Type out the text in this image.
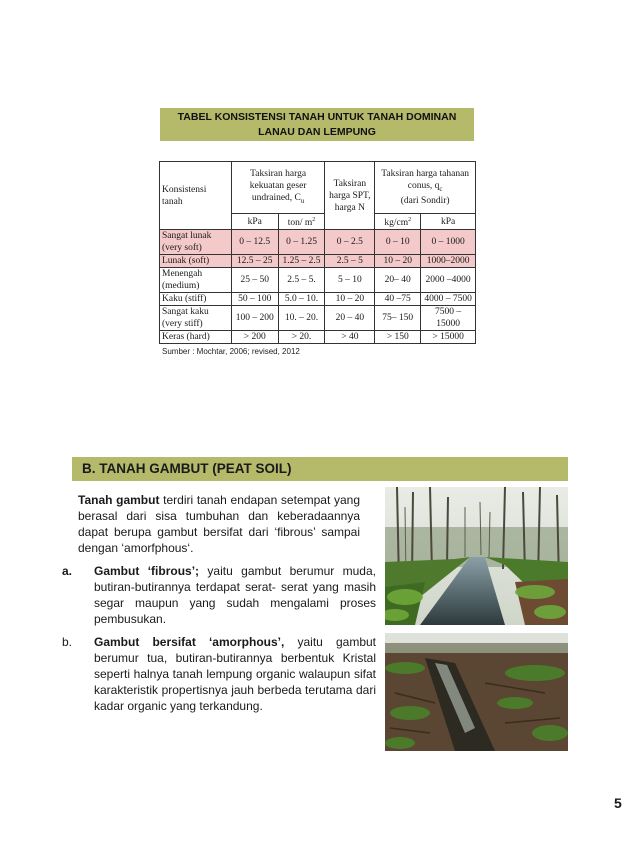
TABEL KONSISTENSI TANAH UNTUK TANAH DOMINAN
LANAU DAN LEMPUNG
Konsistensi tanah	Taksiran harga kekuatan geser undrained, $C_u$		Taksiran harga SPT, harga N	Taksiran harga tahanan conus, $q_c$
(dari Sondir)	
	kPa	ton/ $m^2$		$kg/cm^2$	kPa
Sangat lunak (very soft)	0 – 12.5	0 – 1.25	0 – 2.5	0 – 10	0 – 1000
Lunak (soft)	12.5 – 25	1.25 – 2.5	2.5 – 5	10 – 20	1000–2000
Menengah (medium)	25 – 50	2.5 – 5.	5 – 10	20– 40	2000 –4000
Kaku (stiff)	50 – 100	5.0 – 10.	10 – 20	40 –75	4000 – 7500
Sangat kaku (very stiff)	100 – 200	10. – 20.	20 – 40	75– 150	7500 – 15000
Keras (hard)	> 200	> 20.	> 40	> 150	> 15000
Sumber : Mochtar, 2006; revised, 2012
B. TANAH GAMBUT (PEAT SOIL)
Tanah gambut terdiri tanah endapan setempat yang berasal dari sisa tumbuhan dan keberadaannya dapat berupa gambut bersifat dari ‘fibrous’ sampai dengan ‘amorfphous‘.
a. Gambut ‘fibrous’; yaitu gambut berumur muda, butiran-butirannya terdapat serat- serat yang masih segar maupun yang sudah mengalami proses pembusukan.
b. Gambut bersifat ‘amorphous’, yaitu gambut berumur tua, butiran-butirannya berbentuk Kristal seperti halnya tanah lempung organic walaupun sifat karakteristik propertisnya jauh berbeda terutama dari kadar organic yang terkandung.
5
